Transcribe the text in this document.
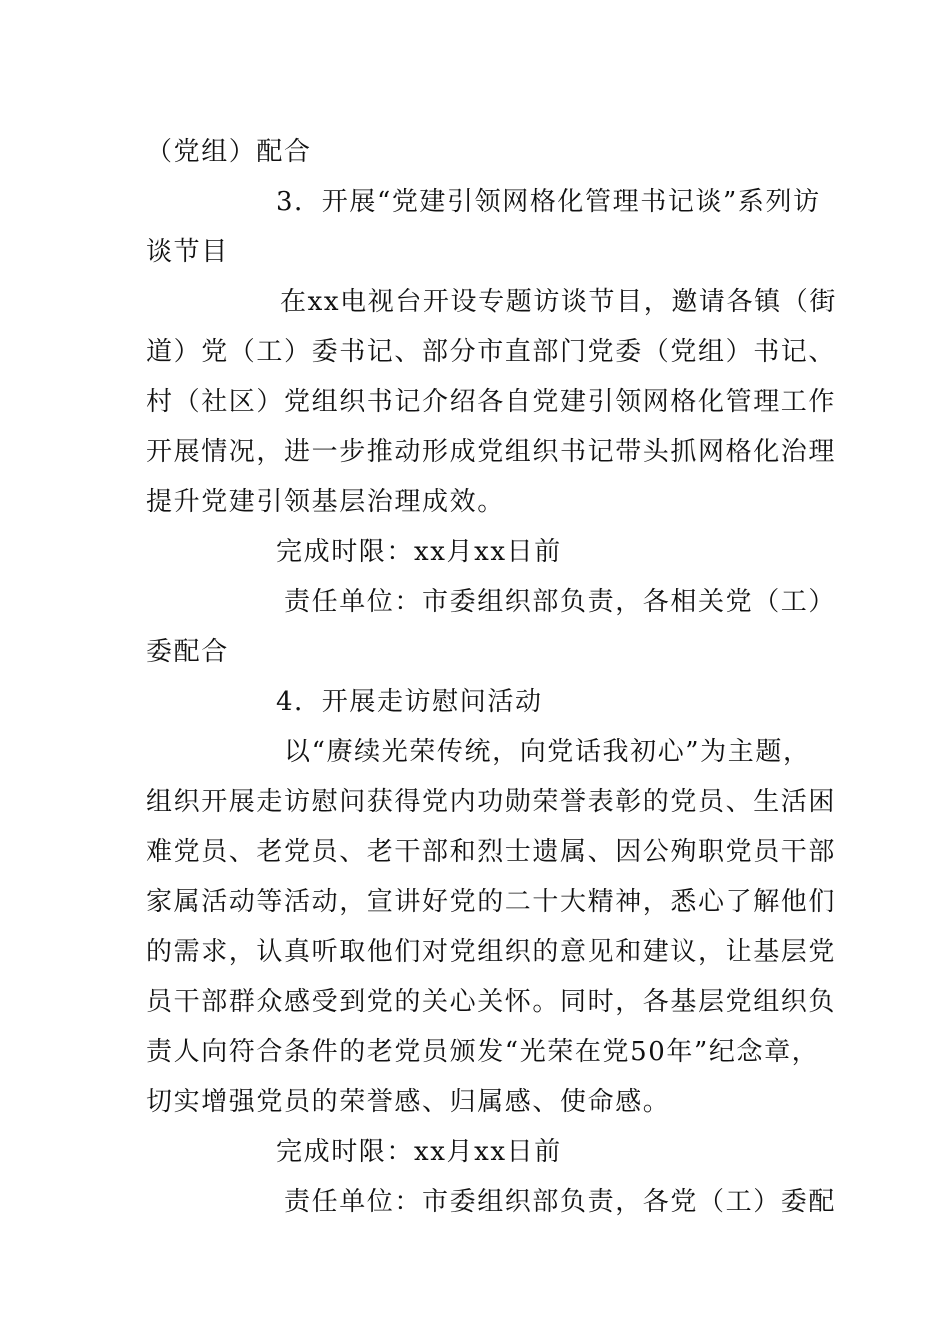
（党组）配合
3．开展“党建引领网格化管理书记谈”系列访
谈节目
在xx电视台开设专题访谈节目，邀请各镇（街
道）党（工）委书记、部分市直部门党委（党组）书记、
村（社区）党组织书记介绍各自党建引领网格化管理工作
开展情况，进一步推动形成党组织书记带头抓网格化治理
提升党建引领基层治理成效。
完成时限：xx月xx日前
责任单位：市委组织部负责，各相关党（工）
委配合
4．开展走访慰问活动
以“赓续光荣传统，向党话我初心”为主题，
组织开展走访慰问获得党内功勋荣誉表彰的党员、生活困
难党员、老党员、老干部和烈士遗属、因公殉职党员干部
家属活动等活动，宣讲好党的二十大精神，悉心了解他们
的需求，认真听取他们对党组织的意见和建议，让基层党
员干部群众感受到党的关心关怀。同时，各基层党组织负
责人向符合条件的老党员颁发“光荣在党50年”纪念章，
切实增强党员的荣誉感、归属感、使命感。
完成时限：xx月xx日前
责任单位：市委组织部负责，各党（工）委配
